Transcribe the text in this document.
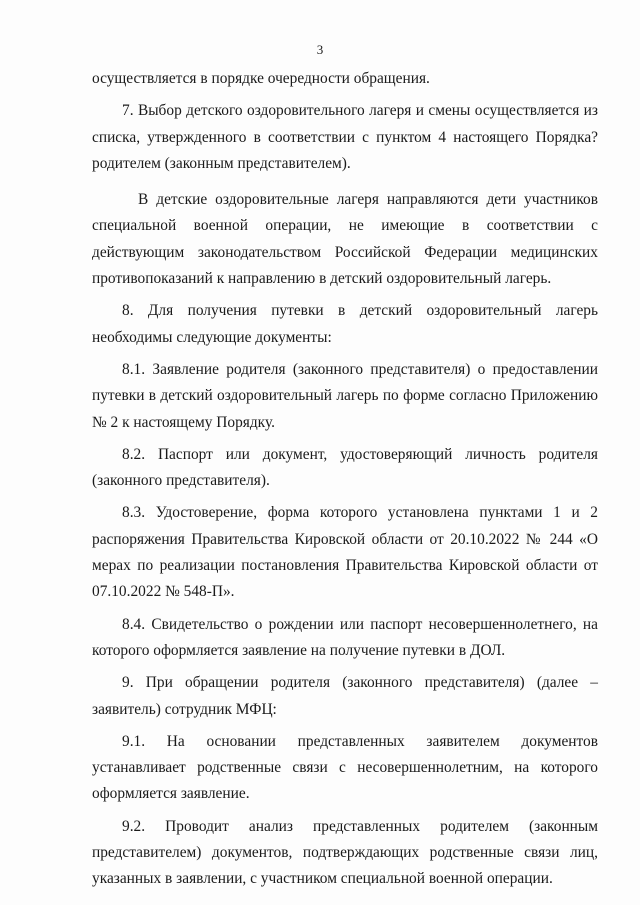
3

осуществляется в порядке очередности обращения.

7. Выбор детского оздоровительного лагеря и смены осуществляется из списка, утвержденного в соответствии с пунктом 4 настоящего Порядка? родителем (законным представителем).

В детские оздоровительные лагеря направляются дети участников специальной военной операции, не имеющие в соответствии с действующим законодательством Российской Федерации медицинских противопоказаний к направлению в детский оздоровительный лагерь.

8. Для получения путевки в детский оздоровительный лагерь необходимы следующие документы:

8.1. Заявление родителя (законного представителя) о предоставлении путевки в детский оздоровительный лагерь по форме согласно Приложению № 2 к настоящему Порядку.

8.2. Паспорт или документ, удостоверяющий личность родителя (законного представителя).

8.3. Удостоверение, форма которого установлена пунктами 1 и 2 распоряжения Правительства Кировской области от 20.10.2022 № 244 «О мерах по реализации постановления Правительства Кировской области от 07.10.2022 № 548-П».

8.4. Свидетельство о рождении или паспорт несовершеннолетнего, на которого оформляется заявление на получение путевки в ДОЛ.

9. При обращении родителя (законного представителя) (далее – заявитель) сотрудник МФЦ:

9.1. На основании представленных заявителем документов устанавливает родственные связи с несовершеннолетним, на которого оформляется заявление.

9.2. Проводит анализ представленных родителем (законным представителем) документов, подтверждающих родственные связи лиц, указанных в заявлении, с участником специальной военной операции.
